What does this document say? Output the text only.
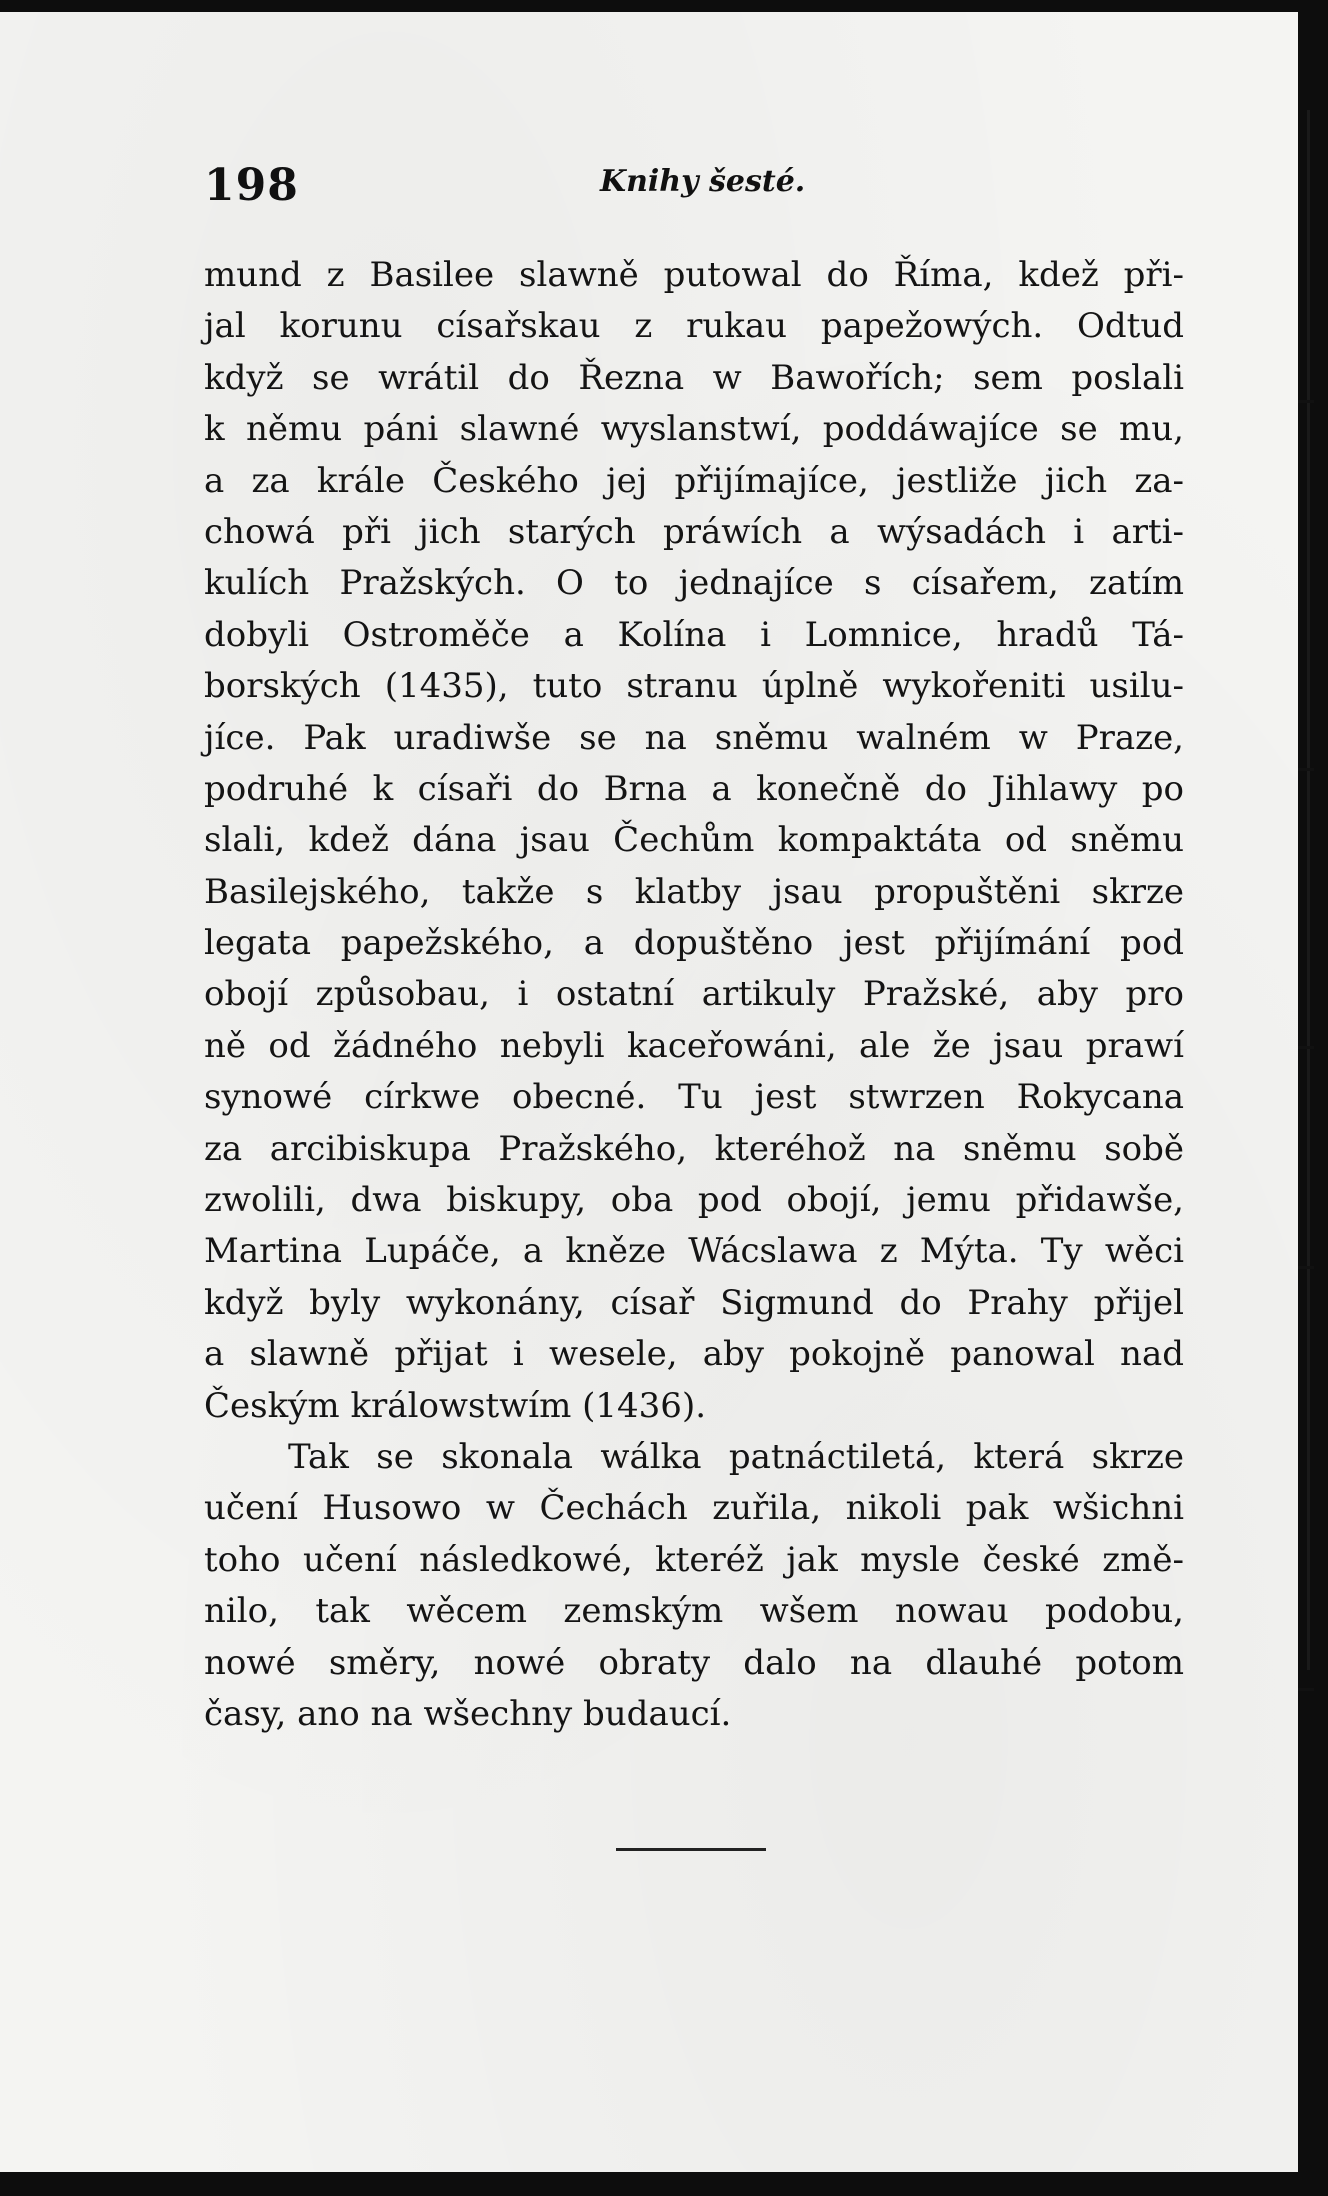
198	Knihy šesté.
mund z Basilee slawně putowal do Říma, kdež při-
jal korunu císařskau z rukau papežowých. Odtud
když se wrátil do Řezna w Bawořích; sem poslali
k němu páni slawné wyslanstwí, poddáwajíce se mu,
a za krále Českého jej přijímajíce, jestliže jich za-
chowá při jich starých práwích a wýsadách i arti-
kulích Pražských. O to jednajíce s císařem, zatím
dobyli Ostroměče a Kolína i Lomnice, hradů Tá-
borských (1435), tuto stranu úplně wykořeniti usilu-
jíce. Pak uradiwše se na sněmu walném w Praze,
podruhé k císaři do Brna a konečně do Jihlawy po
slali, kdež dána jsau Čechům kompaktáta od sněmu
Basilejského, takže s klatby jsau propuštěni skrze
legata papežského, a dopuštěno jest přijímání pod
obojí způsobau, i ostatní artikuly Pražské, aby pro
ně od žádného nebyli kaceřowáni, ale že jsau prawí
synowé církwe obecné. Tu jest stwrzen Rokycana
za arcibiskupa Pražského, kteréhož na sněmu sobě
zwolili, dwa biskupy, oba pod obojí, jemu přidawše,
Martina Lupáče, a kněze Wácslawa z Mýta. Ty wěci
když byly wykonány, císař Sigmund do Prahy přijel
a slawně přijat i wesele, aby pokojně panowal nad
Českým králowstwím (1436).
Tak se skonala wálka patnáctiletá, která skrze
učení Husowo w Čechách zuřila, nikoli pak wšichni
toho učení následkowé, kteréž jak mysle české změ-
nilo, tak wěcem zemským wšem nowau podobu,
nowé směry, nowé obraty dalo na dlauhé potom
časy, ano na wšechny budaucí.
